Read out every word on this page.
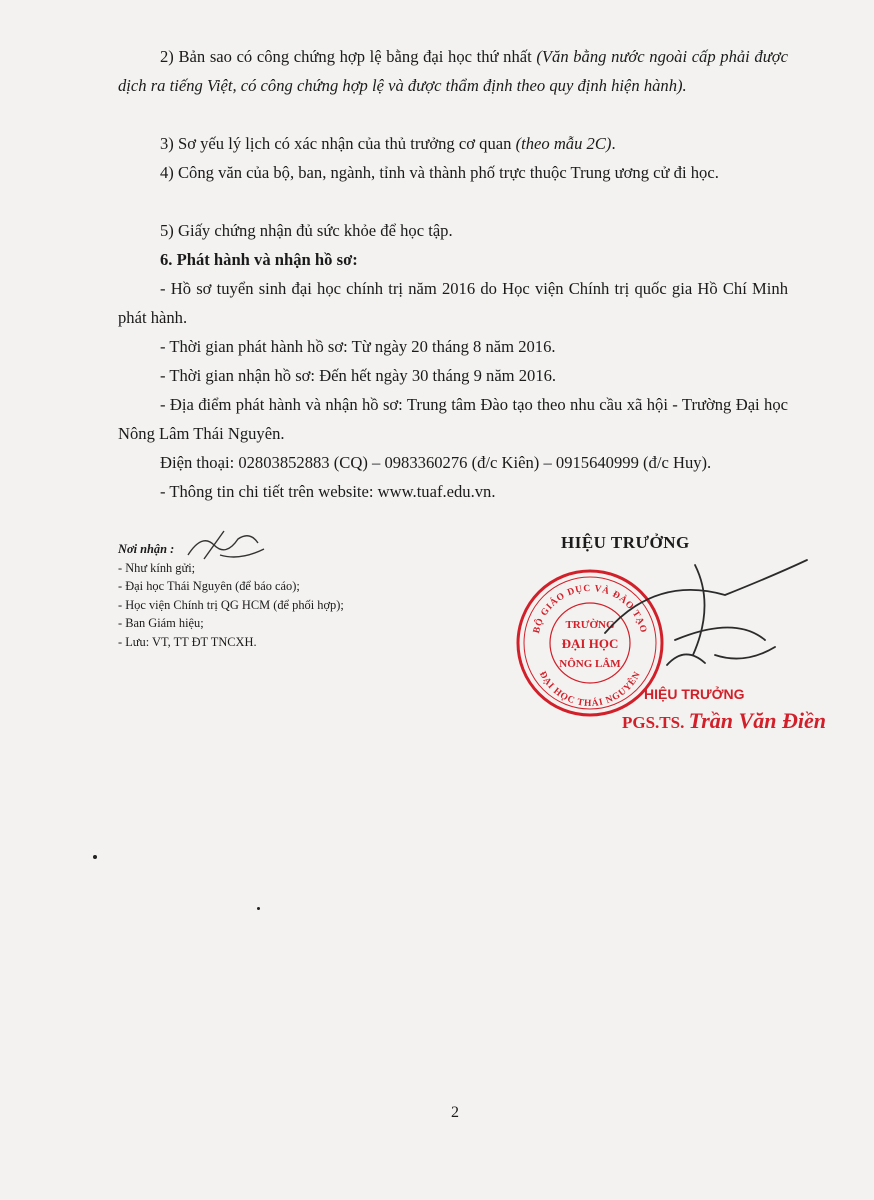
2) Bản sao có công chứng hợp lệ bằng đại học thứ nhất (Văn bằng nước ngoài cấp phải được dịch ra tiếng Việt, có công chứng hợp lệ và được thẩm định theo quy định hiện hành).
3) Sơ yếu lý lịch có xác nhận của thủ trưởng cơ quan (theo mẫu 2C).
4) Công văn của bộ, ban, ngành, tỉnh và thành phố trực thuộc Trung ương cử đi học.
5) Giấy chứng nhận đủ sức khỏe để học tập.
6. Phát hành và nhận hồ sơ:
- Hồ sơ tuyển sinh đại học chính trị năm 2016 do Học viện Chính trị quốc gia Hồ Chí Minh phát hành.
- Thời gian phát hành hồ sơ: Từ ngày 20 tháng 8 năm 2016.
- Thời gian nhận hồ sơ: Đến hết ngày 30 tháng 9 năm 2016.
- Địa điểm phát hành và nhận hồ sơ: Trung tâm Đào tạo theo nhu cầu xã hội - Trường Đại học Nông Lâm Thái Nguyên.
Điện thoại: 02803852883 (CQ) – 0983360276 (đ/c Kiên) – 0915640999 (đ/c Huy).
- Thông tin chi tiết trên website: www.tuaf.edu.vn.
Nơi nhận :
- Như kính gửi;
- Đại học Thái Nguyên (để báo cáo);
- Học viện Chính trị QG HCM (để phối hợp);
- Ban Giám hiệu;
- Lưu: VT, TT ĐT TNCXH.
HIỆU TRƯỞNG
BỘ GIÁO DỤC VÀ ĐÀO TẠO
ĐẠI HỌC THÁI NGUYÊN
TRƯỜNG
ĐẠI HỌC
NÔNG LÂM
HIỆU TRƯỞNG
PGS.TS. Trần Văn Điền
2
